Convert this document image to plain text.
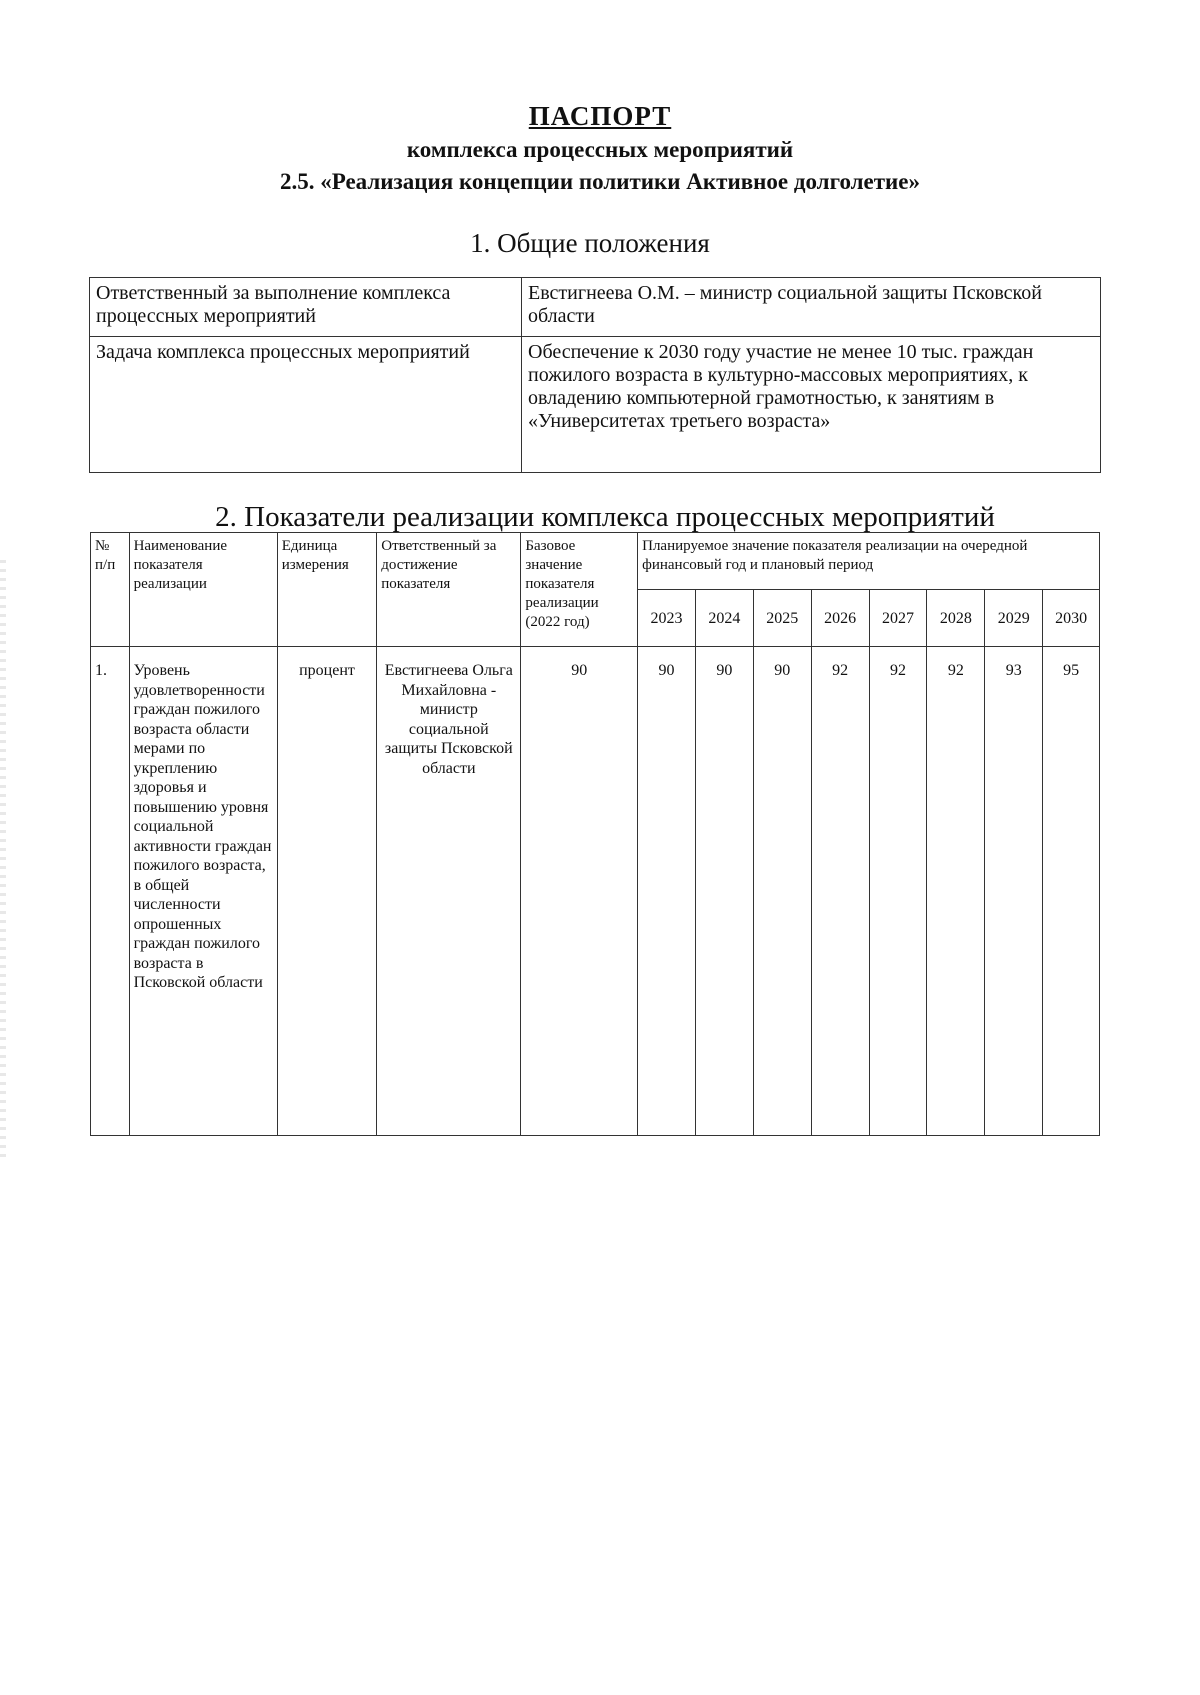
ПАСПОРТ
комплекса процессных мероприятий
2.5. «Реализация концепции политики Активное долголетие»
1. Общие положения
Ответственный за выполнение комплекса процессных мероприятий	Евстигнеева О.М. – министр социальной защиты Псковской области
Задача комплекса процессных мероприятий	Обеспечение к 2030 году участие не менее 10 тыс. граждан пожилого возраста в культурно-массовых мероприятиях, к овладению компьютерной грамотностью, к занятиям в «Университетах третьего возраста»
2. Показатели реализации комплекса процессных мероприятий
№ п/п	Наименование показателя реализации	Единица измерения	Ответственный за достижение показателя	Базовое значение показателя реализации (2022 год)	Планируемое значение показателя реализации на очередной финансовый год и плановый период							
					2023	2024	2025	2026	2027	2028	2029	2030
1.	Уровень удовлетворенности граждан пожилого возраста области мерами по укреплению здоровья и повышению уровня социальной активности граждан пожилого возраста, в общей численности опрошенных граждан пожилого возраста в Псковской области	процент	Евстигнеева Ольга Михайловна - министр социальной защиты Псковской области	90	90	90	90	92	92	92	93	95
